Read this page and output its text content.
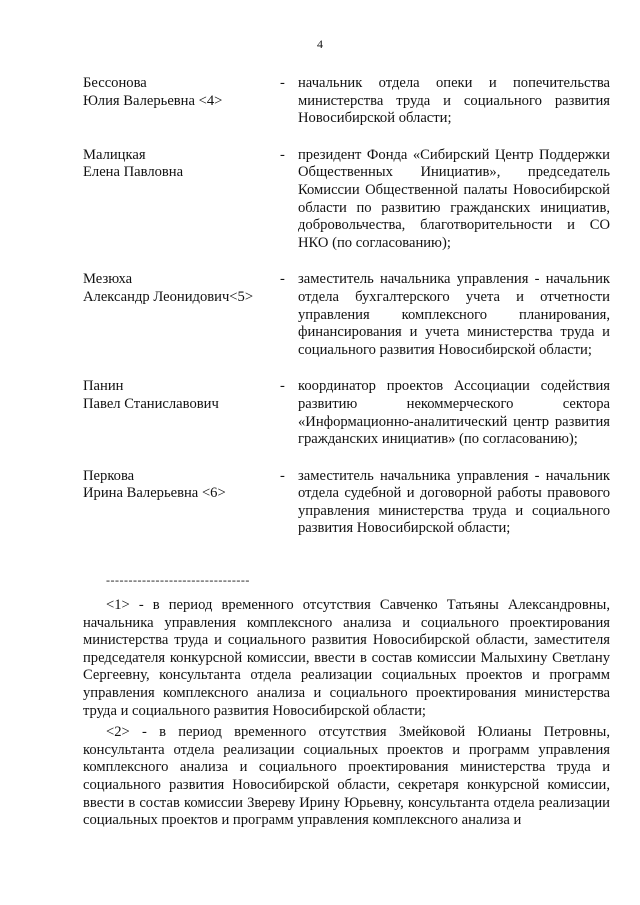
4
Бессонова
Юлия Валерьевна <4>
- начальник отдела опеки и попечительства министерства труда и социального развития Новосибирской области;
Малицкая
Елена Павловна
- президент Фонда «Сибирский Центр Поддержки Общественных Инициатив», председатель Комиссии Общественной палаты Новосибирской области по развитию гражданских инициатив, добровольчества, благотворительности и СО НКО (по согласованию);
Мезюха
Александр Леонидович<5>
- заместитель начальника управления - начальник отдела бухгалтерского учета и отчетности управления комплексного планирования, финансирования и учета министерства труда и социального развития Новосибирской области;
Панин
Павел Станиславович
- координатор проектов Ассоциации содействия развитию некоммерческого сектора «Информационно-аналитический центр развития гражданских инициатив» (по согласованию);
Перкова
Ирина Валерьевна <6>
- заместитель начальника управления - начальник отдела судебной и договорной работы правового управления министерства труда и социального развития Новосибирской области;
--------------------------------

<1> - в период временного отсутствия Савченко Татьяны Александровны, начальника управления комплексного анализа и социального проектирования министерства труда и социального развития Новосибирской области, заместителя председателя конкурсной комиссии, ввести в состав комиссии Малыхину Светлану Сергеевну, консультанта отдела реализации социальных проектов и программ управления комплексного анализа и социального проектирования министерства труда и социального развития Новосибирской области;

<2> - в период временного отсутствия Змейковой Юлианы Петровны, консультанта отдела реализации социальных проектов и программ управления комплексного анализа и социального проектирования министерства труда и социального развития Новосибирской области, секретаря конкурсной комиссии, ввести в состав комиссии Звереву Ирину Юрьевну, консультанта отдела реализации социальных проектов и программ управления комплексного анализа и
